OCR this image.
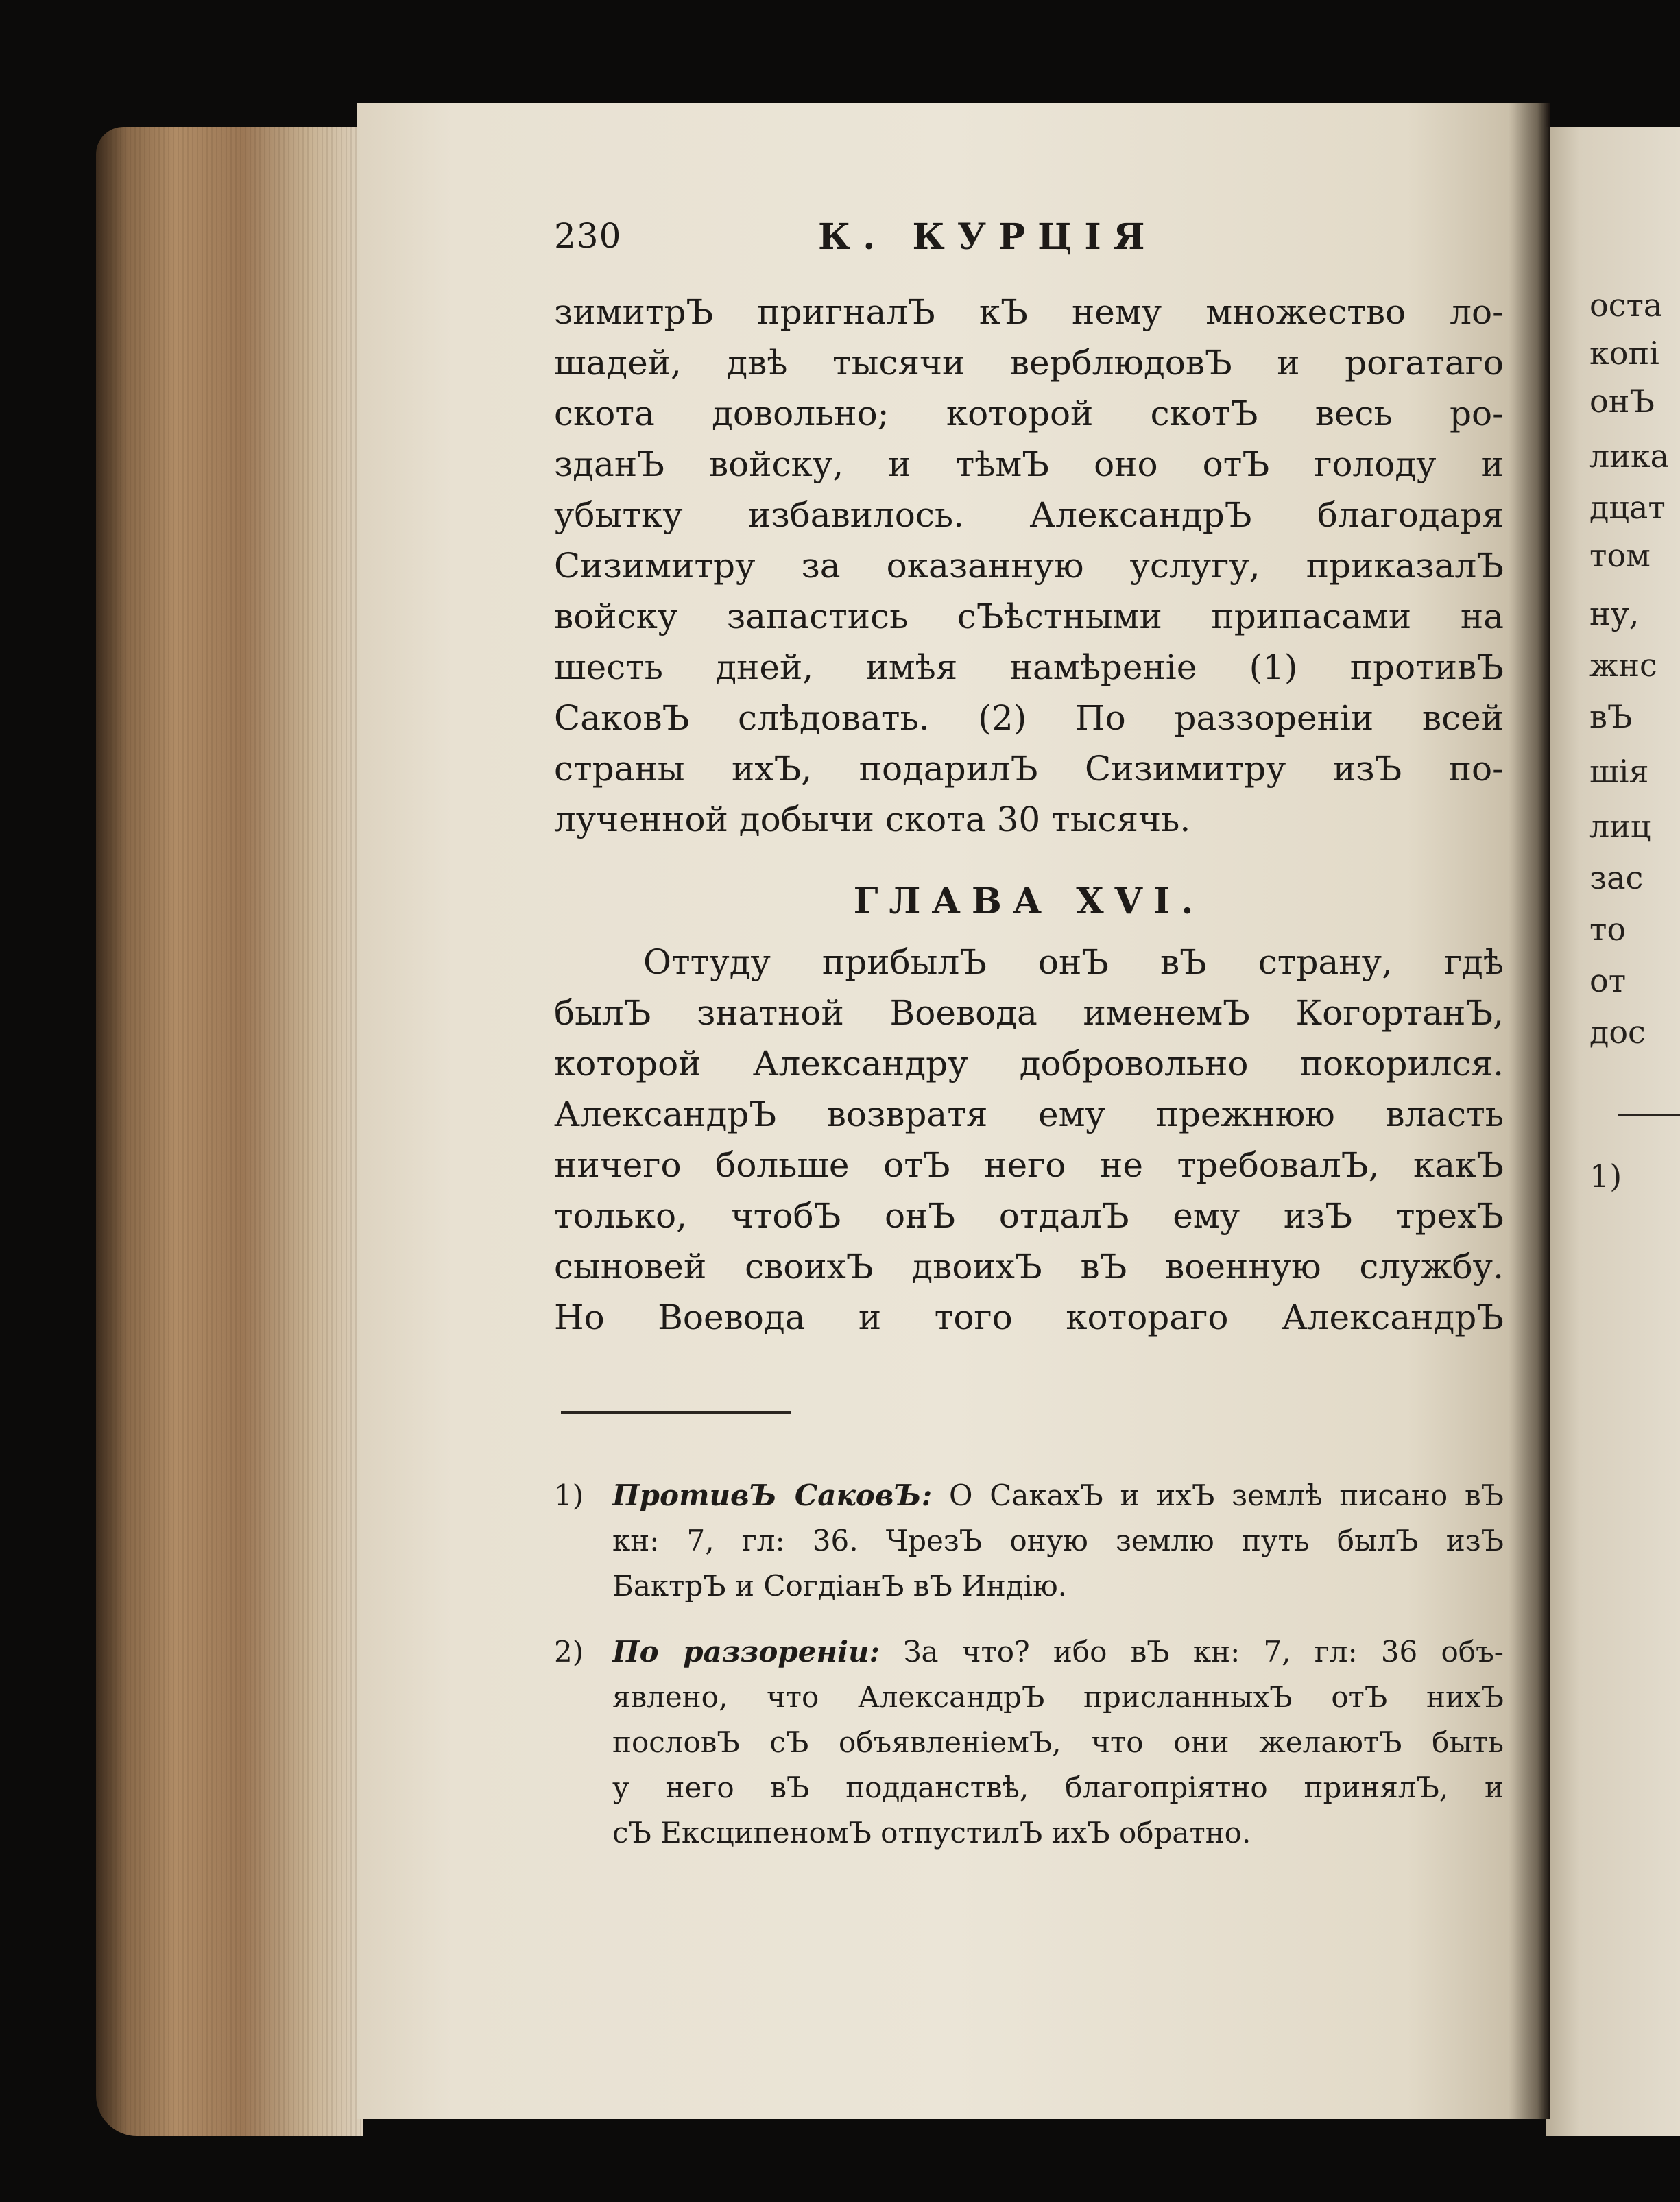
230	К. КУРЦІЯ
зимитрЪ пригналЪ кЪ нему множество ло-
шадей, двѣ тысячи верблюдовЪ и рогатаго
скота довольно; которой скотЪ весь ро-
зданЪ войску, и тѣмЪ оно отЪ голоду и
убытку избавилось. АлександрЪ благодаря
Сизимитру за оказанную услугу, приказалЪ
войску запастись сЪѣстными припасами на
шесть дней, имѣя намѣреніе (1) противЪ
СаковЪ слѣдовать. (2) По раззореніи всей
страны ихЪ, подарилЪ Сизимитру изЪ по-
лученной добычи скота 30 тысячь.
ГЛАВА XVI.
Оттуду прибылЪ онЪ вЪ страну, гдѣ
былЪ знатной Воевода именемЪ КогортанЪ,
которой Александру добровольно покорился.
АлександрЪ возвратя ему прежнюю власть
ничего больше отЪ него не требовалЪ, какЪ
только, чтобЪ онЪ отдалЪ ему изЪ трехЪ
сыновей своихЪ двоихЪ вЪ военную службу.
Но Воевода и того котораго АлександрЪ
1) ПротивЪ СаковЪ: О СакахЪ и ихЪ землѣ писано вЪ
кн: 7, гл: 36. ЧрезЪ оную землю путь былЪ изЪ
БактрЪ и СогдіанЪ вЪ Индію.
2) По раззореніи: За что? ибо вЪ кн: 7, гл: 36 объ-
явлено, что АлександрЪ присланныхЪ отЪ нихЪ
пословЪ сЪ объявленіемЪ, что они желаютЪ быть
у него вЪ подданствѣ, благопріятно принялЪ, и
сЪ ЕксципеномЪ отпустилЪ ихЪ обратно.
оста
копі
онЪ
лика
дцат
том
ну,
жнс
вЪ
шія
лиц
зас
то
от
дос
1)
